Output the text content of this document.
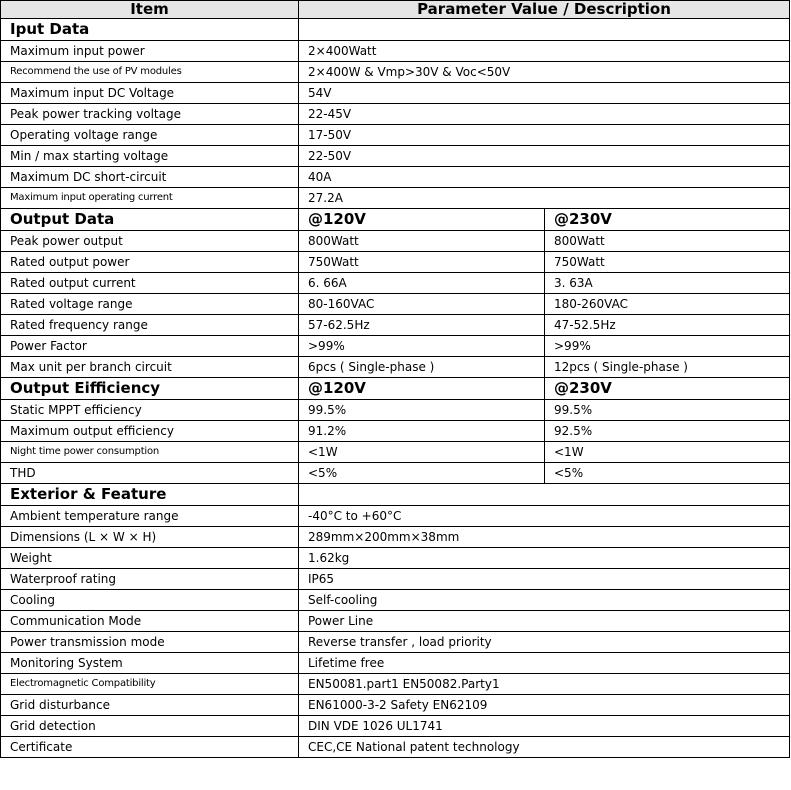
Item	Parameter Value / Description	
Iput Data		
Maximum input power	2×400Watt	
Recommend the use of PV modules	2×400W & Vmp>30V & Voc<50V	
Maximum input DC Voltage	54V	
Peak power tracking voltage	22-45V	
Operating voltage range	17-50V	
Min / max starting voltage	22-50V	
Maximum DC short-circuit	40A	
Maximum input operating current	27.2A	
Output Data	@120V	@230V
Peak power output	800Watt	800Watt
Rated output power	750Watt	750Watt
Rated output current	6. 66A	3. 63A
Rated voltage range	80-160VAC	180-260VAC
Rated frequency range	57-62.5Hz	47-52.5Hz
Power Factor	>99%	>99%
Max unit per branch circuit	6pcs ( Single-phase )	12pcs ( Single-phase )
Output Eifficiency	@120V	@230V
Static MPPT efficiency	99.5%	99.5%
Maximum output efficiency	91.2%	92.5%
Night time power consumption	<1W	<1W
THD	<5%	<5%
Exterior & Feature		
Ambient temperature range	-40°C to +60°C	
Dimensions (L × W × H)	289mm×200mm×38mm	
Weight	1.62kg	
Waterproof rating	IP65	
Cooling	Self-cooling	
Communication Mode	Power Line	
Power transmission mode	Reverse transfer , load priority	
Monitoring System	Lifetime free	
Electromagnetic Compatibility	EN50081.part1 EN50082.Party1	
Grid disturbance	EN61000-3-2 Safety EN62109	
Grid detection	DIN VDE 1026 UL1741	
Certificate	CEC,CE National patent technology	
